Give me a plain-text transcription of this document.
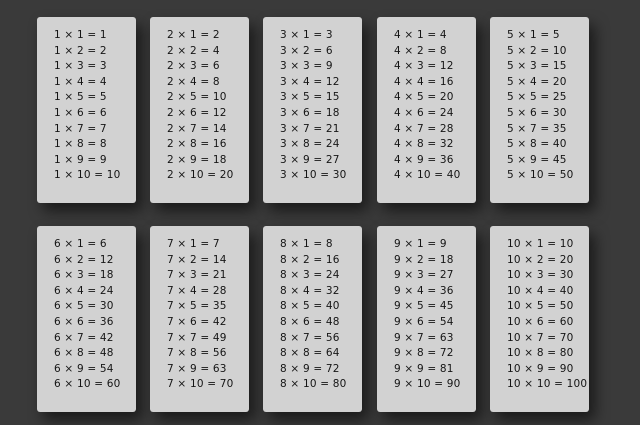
1 × 1 = 1
1 × 2 = 2
1 × 3 = 3
1 × 4 = 4
1 × 5 = 5
1 × 6 = 6
1 × 7 = 7
1 × 8 = 8
1 × 9 = 9
1 × 10 = 10
2 × 1 = 2
2 × 2 = 4
2 × 3 = 6
2 × 4 = 8
2 × 5 = 10
2 × 6 = 12
2 × 7 = 14
2 × 8 = 16
2 × 9 = 18
2 × 10 = 20
3 × 1 = 3
3 × 2 = 6
3 × 3 = 9
3 × 4 = 12
3 × 5 = 15
3 × 6 = 18
3 × 7 = 21
3 × 8 = 24
3 × 9 = 27
3 × 10 = 30
4 × 1 = 4
4 × 2 = 8
4 × 3 = 12
4 × 4 = 16
4 × 5 = 20
4 × 6 = 24
4 × 7 = 28
4 × 8 = 32
4 × 9 = 36
4 × 10 = 40
5 × 1 = 5
5 × 2 = 10
5 × 3 = 15
5 × 4 = 20
5 × 5 = 25
5 × 6 = 30
5 × 7 = 35
5 × 8 = 40
5 × 9 = 45
5 × 10 = 50
6 × 1 = 6
6 × 2 = 12
6 × 3 = 18
6 × 4 = 24
6 × 5 = 30
6 × 6 = 36
6 × 7 = 42
6 × 8 = 48
6 × 9 = 54
6 × 10 = 60
7 × 1 = 7
7 × 2 = 14
7 × 3 = 21
7 × 4 = 28
7 × 5 = 35
7 × 6 = 42
7 × 7 = 49
7 × 8 = 56
7 × 9 = 63
7 × 10 = 70
8 × 1 = 8
8 × 2 = 16
8 × 3 = 24
8 × 4 = 32
8 × 5 = 40
8 × 6 = 48
8 × 7 = 56
8 × 8 = 64
8 × 9 = 72
8 × 10 = 80
9 × 1 = 9
9 × 2 = 18
9 × 3 = 27
9 × 4 = 36
9 × 5 = 45
9 × 6 = 54
9 × 7 = 63
9 × 8 = 72
9 × 9 = 81
9 × 10 = 90
10 × 1 = 10
10 × 2 = 20
10 × 3 = 30
10 × 4 = 40
10 × 5 = 50
10 × 6 = 60
10 × 7 = 70
10 × 8 = 80
10 × 9 = 90
10 × 10 = 100
